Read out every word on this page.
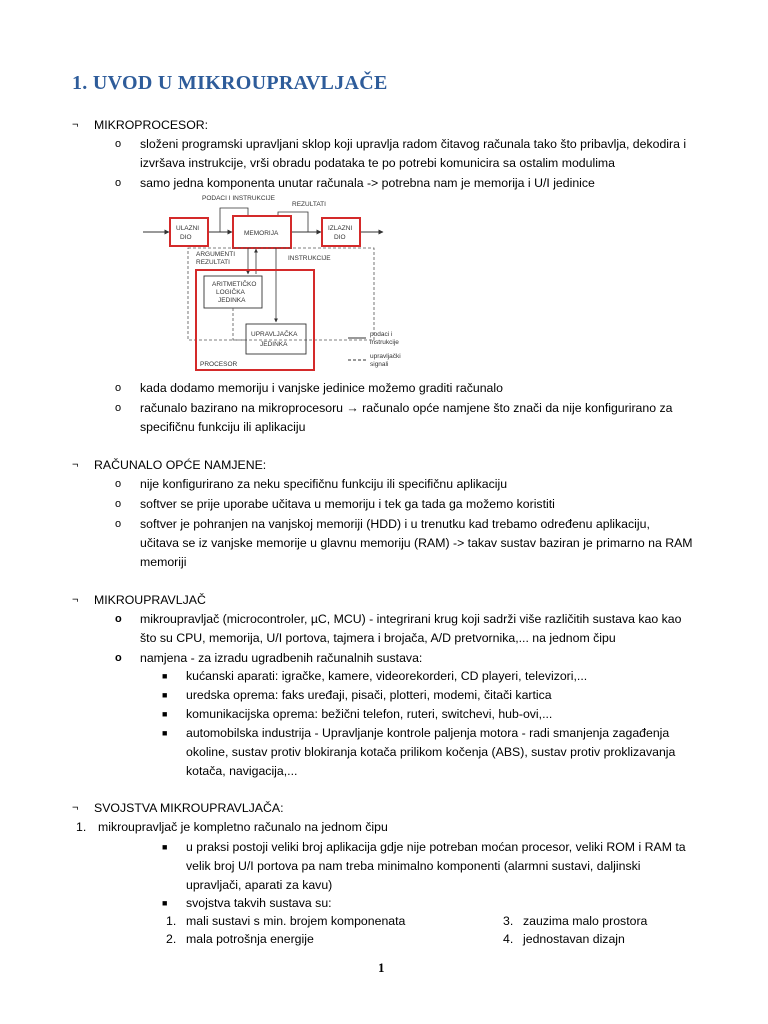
1. UVOD U MIKROUPRAVLJAČE
¬ MIKROPROCESOR:
o složeni programski upravljani sklop koji upravlja radom čitavog računala tako što pribavlja, dekodira i
izvršava instrukcije, vrši obradu podataka te po potrebi komunicira sa ostalim modulima
o samo jedna komponenta unutar računala -> potrebna nam je memorija i U/I jedinice
PODACI I INSTRUKCIJE
REZULTATI
ULAZNI
DIO
MEMORIJA
IZLAZNI
DIO
ARGUMENTI
REZULTATI
INSTRUKCIJE
PROCESOR
ARITMETIČKO
LOGIČKA
JEDINKA
UPRAVLJAČKA
JEDINKA
podaci i
instrukcije
upravljački
signali
o kada dodamo memoriju i vanjske jedinice možemo graditi računalo
o računalo bazirano na mikroprocesoru → računalo opće namjene što znači da nije konfigurirano za
specifičnu funkciju ili aplikaciju
¬ RAČUNALO OPĆE NAMJENE:
o nije konfigurirano za neku specifičnu funkciju ili specifičnu aplikaciju
o softver se prije uporabe učitava u memoriju i tek ga tada ga možemo koristiti
o softver je pohranjen na vanjskoj memoriji (HDD) i u trenutku kad trebamo određenu aplikaciju,
učitava se iz vanjske memorije u glavnu memoriju (RAM) -> takav sustav baziran je primarno na RAM
memoriji
¬ MIKROUPRAVLJAČ
o mikroupravljač (microcontroler, µC, MCU) - integrirani krug koji sadrži više različitih sustava kao kao
što su CPU, memorija, U/I portova, tajmera i brojača, A/D pretvornika,... na jednom čipu
o namjena - za izradu ugradbenih računalnih sustava:
■ kućanski aparati: igračke, kamere, videorekorderi, CD playeri, televizori,...
■ uredska oprema: faks uređaji, pisači, plotteri, modemi, čitači kartica
■ komunikacijska oprema: bežični telefon, ruteri, switchevi, hub-ovi,...
■ automobilska industrija - Upravljanje kontrole paljenja motora - radi smanjenja zagađenja
okoline, sustav protiv blokiranja kotača prilikom kočenja (ABS), sustav protiv proklizavanja
kotača, navigacija,...
¬ SVOJSTVA MIKROUPRAVLJAČA:
1. mikroupravljač je kompletno računalo na jednom čipu
■ u praksi postoji veliki broj aplikacija gdje nije potreban moćan procesor, veliki ROM i RAM ta
velik broj U/I portova pa nam treba minimalno komponenti (alarmni sustavi, daljinski
upravljači, aparati za kavu)
■ svojstva takvih sustava su:
1. mali sustavi s min. brojem komponenata	3. zauzima malo prostora
2. mala potrošnja energije	4. jednostavan dizajn
1
